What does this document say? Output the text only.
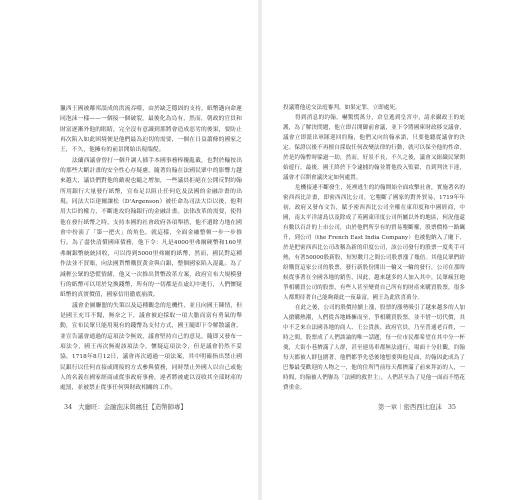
獵西王國被鄰邦誤成的洪流吞噬，由於缺乏穩固的支持，紙幣邁向命運同泡沫一樣——一個接一個破裂，最後化為烏有，然而，朝政的官員和財富逐漸外他的眼睛，完全沒有意識到那將會造成惡劣的後果，要防止再次陷入如此困境便是他們最為迫切的需要，一個在日益蕭條的國家之王，不久，他擁有的前景開始出現端倪。

法蘭西議會曾打一個升調人插手本國事務棒擾亂截，也對於輸按出的那些大斷計畫的安全性心存疑慮，隨著約翰在法國民眾中的影響力越來越大，議員們對他的敵視也隨之增加，一些議員拒絕在公開反對約翰所用銀行大量發行紙幣，宣布足以阻止任何危及法國的金融計畫的出現。同法大臣達爾讓松（D'Argenson）被任命為司法大臣以後，他利用大臣的權力，不斷進攻約翰銀行的金融計畫。法律改革的需要，使得他在發行紙幣之時，支持本國的社會政府各項舉措，他不遺餘力地在國會中扮演了「第一把火」的角色，就這樣，全面金融整頓一步一步推行。為了盡快清償國庫債務，他下令：凡是4000里弗爾硬幣和160里弗爾銀幣統統回收，可以得到5000里弗爾的紙幣，然而，國民對這種作法並不買賬，向法國貨幣購買黃金與白銀，整個國家陷入混亂。為了減輕公眾的恐慌情緒，他又一次推出貨幣改革方案，政府宣布大規模發行的紙幣可以用於兌換錢幣，所有的一切都是在虛幻中進行，人們懷疑紙幣的真實價值，國家信用徹底崩潰。

議會企圖聯盟的失策以及這種觀念的危機性，並且向國王陳情，但是國王充耳不聞，無奈之下，議會被迫採取一項大膽而富有勇氣的舉動，宣布民眾只能用現有的錢幣為支付方式，國王隨即下令解散議會，並宣告議會通過的這項法令無效，議會堅持自己的意見，隨即又發布一項法令，國王再次無視該項法令，懷疑這項法令，但是議會仍然不妥協，1718年8月12日，議會再次通過一項法案，其中明確指出禁止國民銀行以任何直接或間接的方式參與債務，同時禁止外國人以自己或他人的名義在國家經商或從事政府事務，違者將被處以沒收其全部財產的處罰，並被禁止從事任何與財政相關的工作。

34 大廳旺：金融泡沫與瘋狂【造幣師專】

投議將他送交法庭審判，如果定罪，立即處死。

得到消息的約翰，嚇驚慌萬分，倉皇逃到皇宮中，請求攝政王的庇護，為了解決問題，他立即召開御前會議，並下令將國庫財政移交議會，議會立即派出軍隊迎回約翰，他們又向約翰承諾，只要他聽從議會的決定、保證以後不再擅自採取任何改變法律的行動，就可以保全他的性命，於是約翰暫時躲過一劫，然而，好景不長，不久之後，議會又組織民眾開始遊行，最後，國王終於下令逮捕約翰並將他投入監獄，直到判決下達，議會才召開會議決定如何處置。

危機接連不斷發生，死裡逃生的約翰開始全面攻擊社會，實施著名的密西西比計畫，即密西西比公司，它壟斷了國家的對外貿易，1719年年初，政府又發布文告，賦予密西西比公司全權在東印度和中國經商，中國，南太平洋諸島以及除成了英國東印度公司所屬以外的地區，何況他還有數以百計的上市公司，由於他們所享有的貿易壟斷權，股票價格一路飆升，到公司（the French East India Company）也被他納入了麾下，於是把密西西比公司改稱為新的印度公司，該公司發行的股票一度炙手可熱，有著50000股新股，短短數月之間公司股票漲了幾倍。其他民眾們紛紛購買這家公司的股票，發行新股份開出一輪又一輪的發行，公司在那時候從事著在全國各地的銷售，因此，越來越多的人加入其中，民眾瘋狂地爭相購買公司的股票，有些人甚至變賣自己所有的財產來購買股票，很多人都期待著自己能夠藉此一夜暴富，國王為此欣喜萬分。

在此之後，公司的股價持續上漲，股票的漲勢吸引了越來越多的人加入搶購熱潮，人們從各地蜂擁而至，爭相購買股票，並不惜一切代價，其中不乏來自法國各地的商人、王公貴族、政府官員，乃至普通老百姓，一時之間，股票成了人們談論的唯一話題，每一位市民都希望在其中分一杯羹，大街小巷擠滿了人群，甚至連馬車都無法通行，場面十分壯觀，約翰每天都被人群包圍著，他們都爭先恐後地想要與他見面，約翰因此成為了巴黎最受歡迎的人物之一，他的住所門前每天都擠滿了前來拜訪的人，一時間，約翰被人們譽為「法國的救世主」，人們甚至為了見他一面而不惜花費重金。

第一章｜密西西比泡沫 35
